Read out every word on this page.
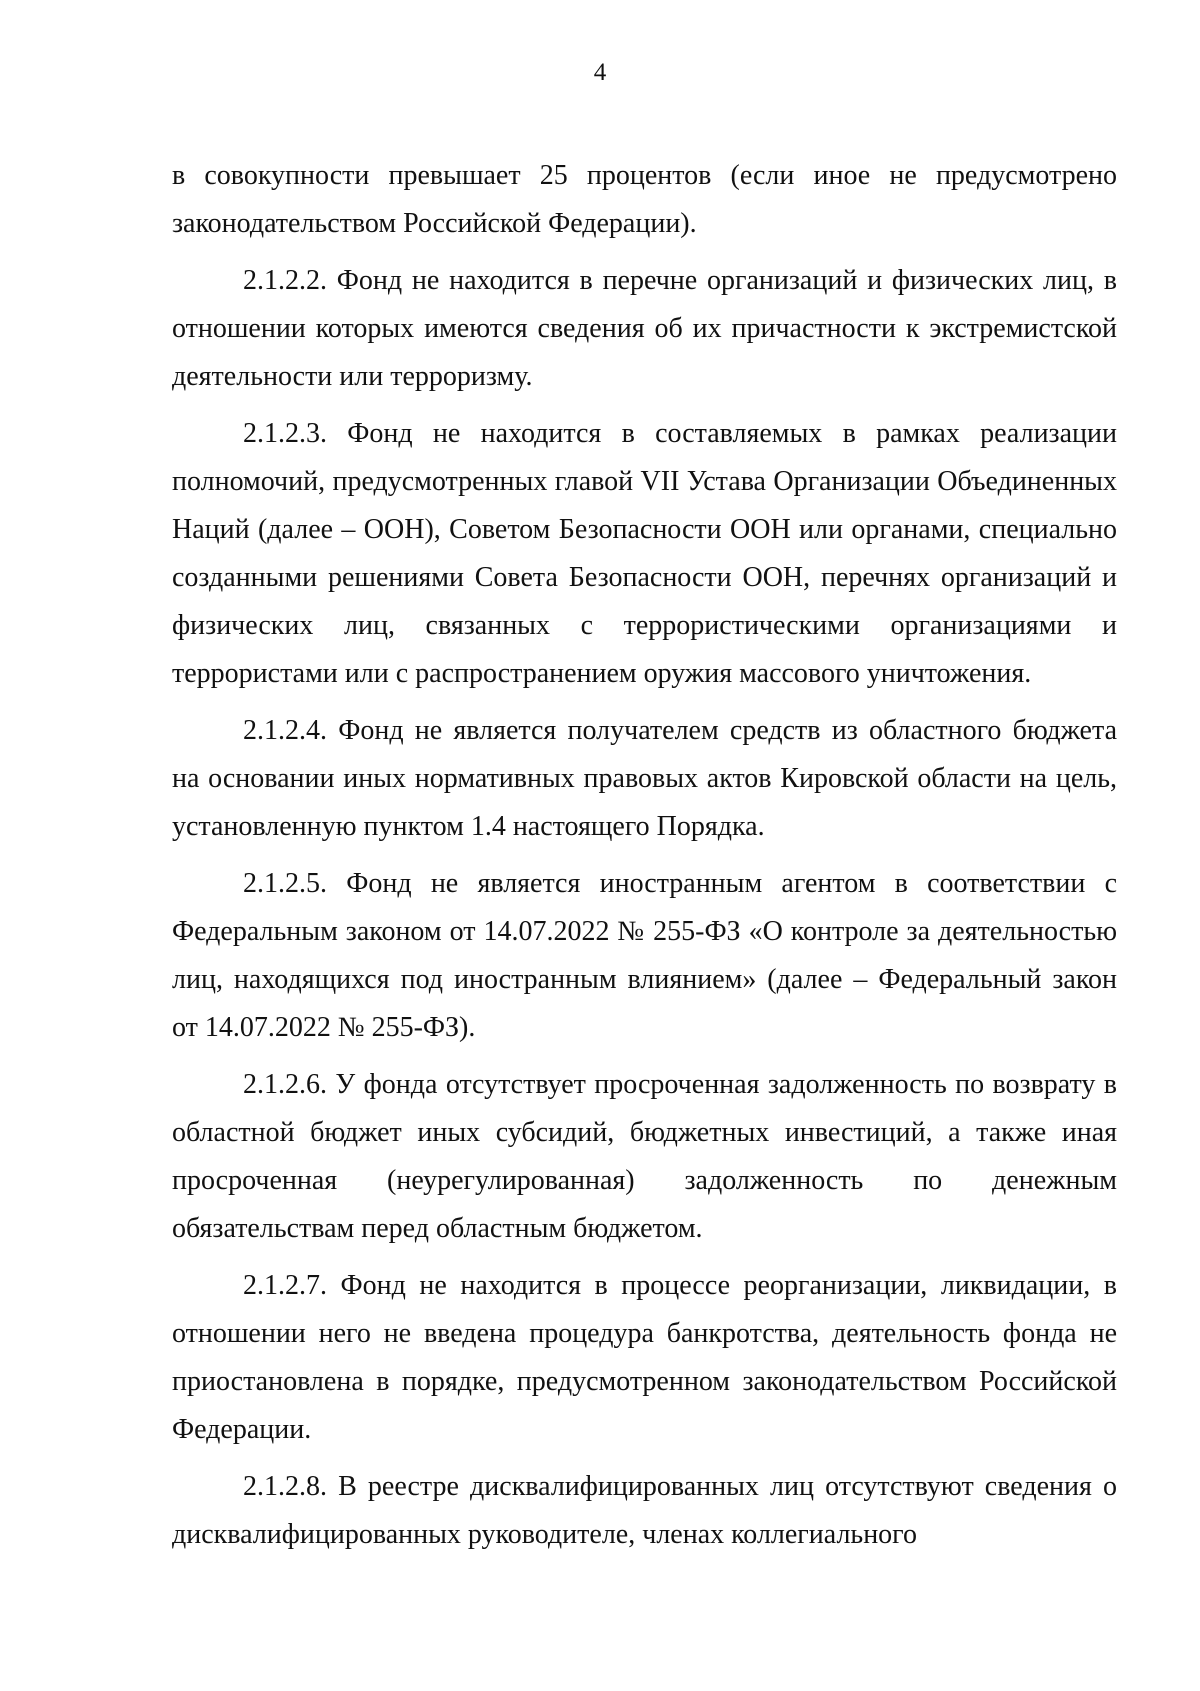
4

в совокупности превышает 25 процентов (если иное не предусмотрено законодательством Российской Федерации).

2.1.2.2. Фонд не находится в перечне организаций и физических лиц, в отношении которых имеются сведения об их причастности к экстремистской деятельности или терроризму.

2.1.2.3. Фонд не находится в составляемых в рамках реализации полномочий, предусмотренных главой VII Устава Организации Объединенных Наций (далее – ООН), Советом Безопасности ООН или органами, специально созданными решениями Совета Безопасности ООН, перечнях организаций и физических лиц, связанных с террористическими организациями и террористами или с распространением оружия массового уничтожения.

2.1.2.4. Фонд не является получателем средств из областного бюджета на основании иных нормативных правовых актов Кировской области на цель, установленную пунктом 1.4 настоящего Порядка.

2.1.2.5. Фонд не является иностранным агентом в соответствии с Федеральным законом от 14.07.2022 № 255-ФЗ «О контроле за деятельностью лиц, находящихся под иностранным влиянием» (далее – Федеральный закон от 14.07.2022 № 255-ФЗ).

2.1.2.6. У фонда отсутствует просроченная задолженность по возврату в областной бюджет иных субсидий, бюджетных инвестиций, а также иная просроченная (неурегулированная) задолженность по денежным обязательствам перед областным бюджетом.

2.1.2.7. Фонд не находится в процессе реорганизации, ликвидации, в отношении него не введена процедура банкротства, деятельность фонда не приостановлена в порядке, предусмотренном законодательством Российской Федерации.

2.1.2.8. В реестре дисквалифицированных лиц отсутствуют сведения о дисквалифицированных руководителе, членах коллегиального
